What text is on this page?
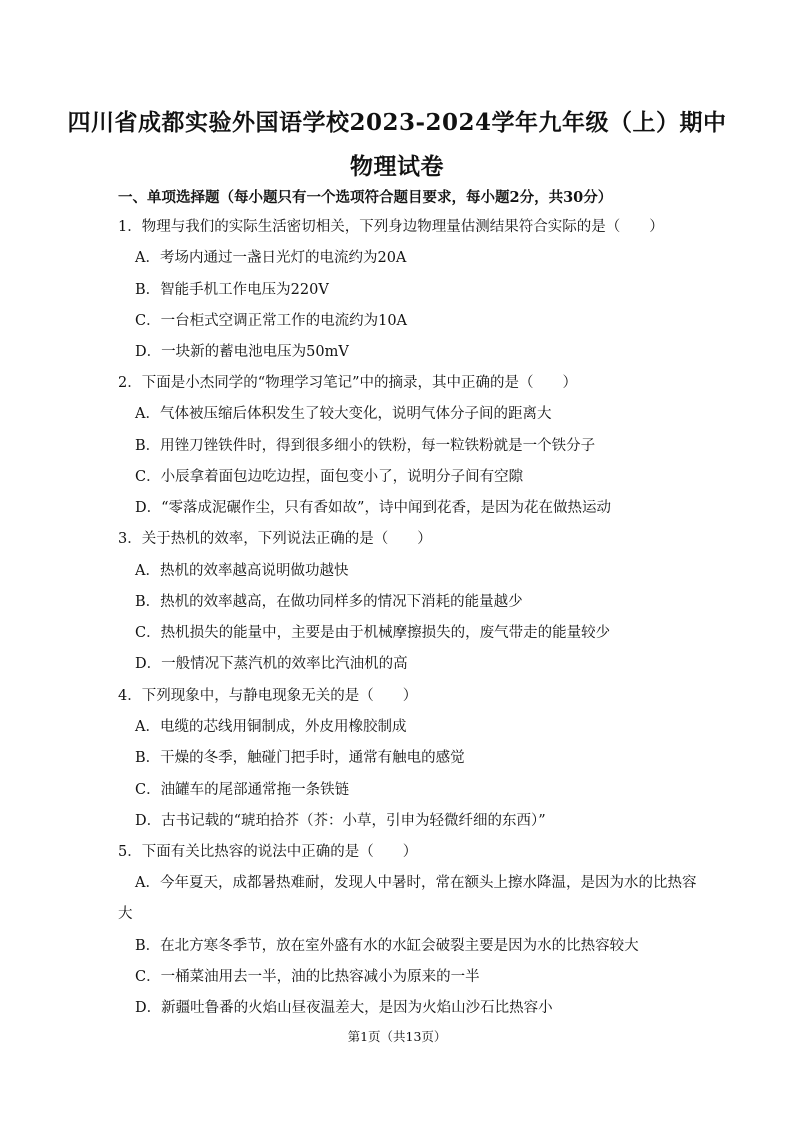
四川省成都实验外国语学校2023-2024学年九年级（上）期中
物理试卷
一、单项选择题（每小题只有一个选项符合题目要求，每小题2分，共30分）
1．物理与我们的实际生活密切相关，下列身边物理量估测结果符合实际的是（　　）
A．考场内通过一盏日光灯的电流约为20A
B．智能手机工作电压为220V
C．一台柜式空调正常工作的电流约为10A
D．一块新的蓄电池电压为50mV
2．下面是小杰同学的“物理学习笔记”中的摘录，其中正确的是（　　）
A．气体被压缩后体积发生了较大变化，说明气体分子间的距离大
B．用锉刀锉铁件时，得到很多细小的铁粉，每一粒铁粉就是一个铁分子
C．小辰拿着面包边吃边捏，面包变小了，说明分子间有空隙
D．“零落成泥碾作尘，只有香如故”，诗中闻到花香，是因为花在做热运动
3．关于热机的效率，下列说法正确的是（　　）
A．热机的效率越高说明做功越快
B．热机的效率越高，在做功同样多的情况下消耗的能量越少
C．热机损失的能量中，主要是由于机械摩擦损失的，废气带走的能量较少
D．一般情况下蒸汽机的效率比汽油机的高
4．下列现象中，与静电现象无关的是（　　）
A．电缆的芯线用铜制成，外皮用橡胶制成
B．干燥的冬季，触碰门把手时，通常有触电的感觉
C．油罐车的尾部通常拖一条铁链
D．古书记载的“琥珀拾芥（芥：小草，引申为轻微纤细的东西）”
5．下面有关比热容的说法中正确的是（　　）
A．今年夏天，成都暑热难耐，发现人中暑时，常在额头上擦水降温，是因为水的比热容
大
B．在北方寒冬季节，放在室外盛有水的水缸会破裂主要是因为水的比热容较大
C．一桶菜油用去一半，油的比热容减小为原来的一半
D．新疆吐鲁番的火焰山昼夜温差大，是因为火焰山沙石比热容小
第1页（共13页）
